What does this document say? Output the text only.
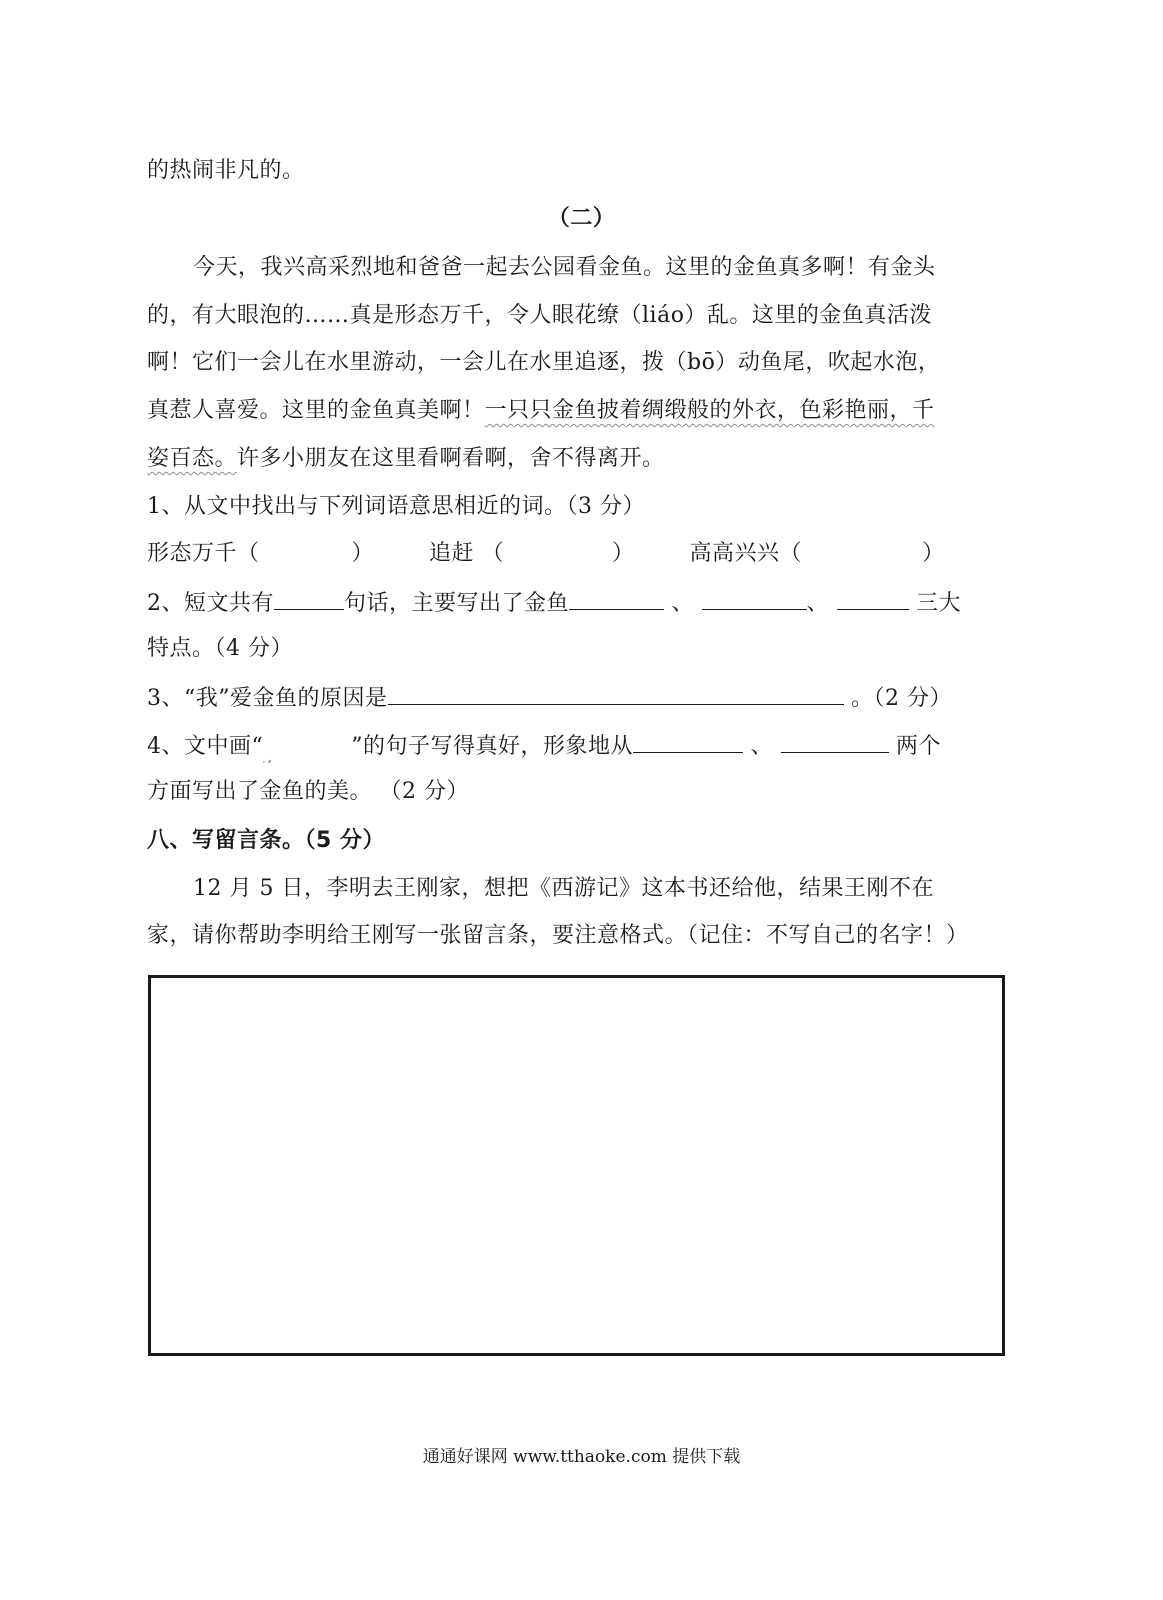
的热闹非凡的。
（二）
今天，我兴高采烈地和爸爸一起去公园看金鱼。这里的金鱼真多啊！有金头
的，有大眼泡的……真是形态万千，令人眼花缭（liáo）乱。这里的金鱼真活泼
啊！它们一会儿在水里游动，一会儿在水里追逐，拨（bō）动鱼尾，吹起水泡，
真惹人喜爱。这里的金鱼真美啊！一只只金鱼披着绸缎般的外衣，色彩艳丽，千
姿百态。许多小朋友在这里看啊看啊，舍不得离开。
1、从文中找出与下列词语意思相近的词。（3 分）
形态万千（	）	追赶 （	）	高高兴兴（	）
2、短文共有	句话，主要写出了金鱼	、	、	三大
特点。（4 分）
3、“我”爱金鱼的原因是	。（2 分）
4、文中画“	”的句子写得真好，形象地从	、	两个
方面写出了金鱼的美。 （2 分）
八、写留言条。（5 分）
12 月 5 日，李明去王刚家，想把《西游记》这本书还给他，结果王刚不在
家，请你帮助李明给王刚写一张留言条，要注意格式。（记住：不写自己的名字！）
通通好课网 www.tthaoke.com 提供下载
